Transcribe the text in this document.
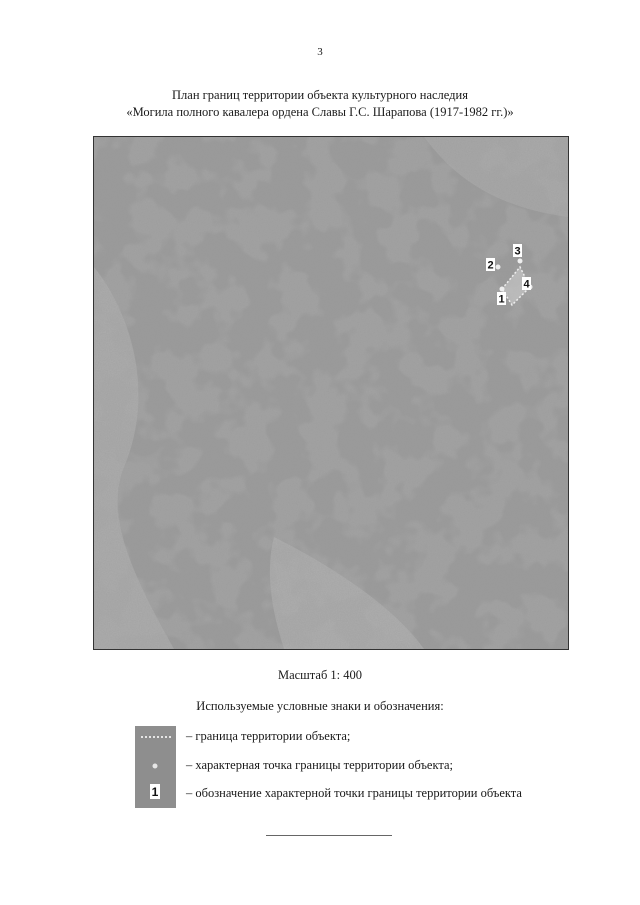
3
План границ территории объекта культурного наследия
«Могила полного кавалера ордена Славы Г.С. Шарапова (1917-1982 гг.)»
1
2
3
4
Масштаб 1: 400
Используемые условные знаки и обозначения:
1
– граница территории объекта;
– характерная точка границы территории объекта;
– обозначение характерной точки границы территории объекта
